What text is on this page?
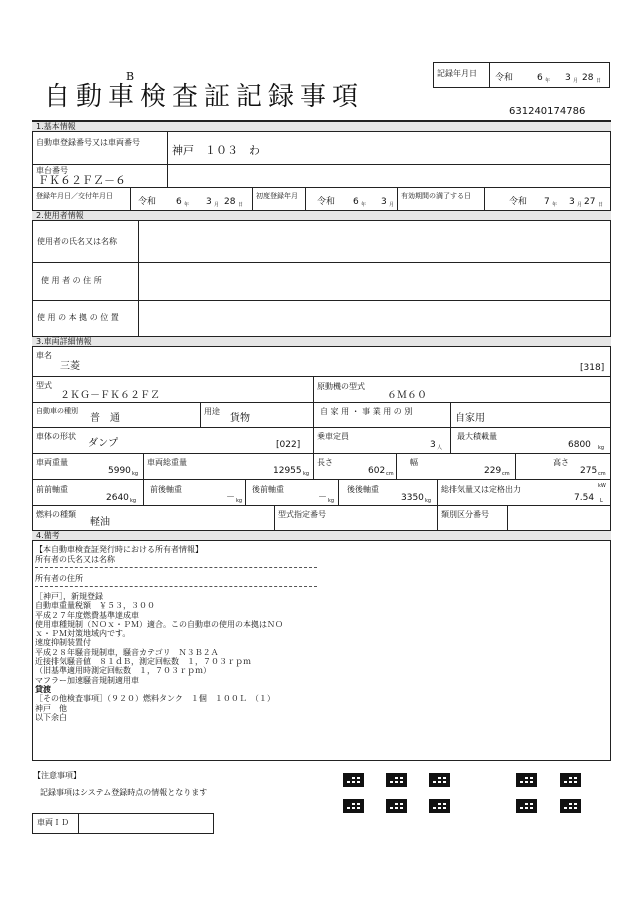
B
自動車検査証記録事項
記録年月日 令和	6 年 3 月 28 日
631240174786
1.基本情報
自動車登録番号又は車両番号
神戸　１０３　わ
車台番号
ＦＫ６２ＦＺ－６
登録年月日／交付年月日
令和 6 年 3 月 28 日
初度登録年月
令和 6 年 3 月
有効期間の満了する日
令和 7 年 3 月 27 日
2.使用者情報
使用者の氏名又は名称
使 用 者 の 住 所
使 用 の 本 拠 の 位 置
3.車両詳細情報
車名
三菱	[318]
型式
２ＫＧ－ＦＫ６２ＦＺ
原動機の型式
６Ｍ６０
自動車の種別
普　通
用途
貨物
自 家 用 ・ 事 業 用 の 別
自家用
車体の形状
ダンプ	[022]
乗車定員
3 人
最大積載量
6800 kg
車両重量
5990 kg
車両総重量
12955 kg
長さ
602 cm
幅
229 cm
高さ
275 cm
前前軸重
2640 kg
前後軸重
－ kg
後前軸重
－ kg
後後軸重
3350 kg
総排気量又は定格出力
7.54
kW
L
燃料の種類
軽油
型式指定番号	類別区分番号
4.備考
【本自動車検査証発行時における所有者情報】
所有者の氏名又は名称
所有者の住所
［神戸］，新規登録
自動車重量税額　￥５３，３００
平成２７年度燃費基準達成車
使用車種規制（ＮＯｘ・ＰＭ）適合。この自動車の使用の本拠はＮＯ
ｘ・ＰＭ対策地域内です。
速度抑制装置付
平成２８年騒音規制車，騒音カテゴリ　Ｎ３Ｂ２Ａ
近接排気騒音値　８１ｄＢ，測定回転数　１，７０３ｒｐｍ
（旧基準適用時測定回転数　１，７０３ｒｐｍ）
マフラー加速騒音規制適用車
貸渡
［その他検査事項］（９２０）燃料タンク　１個　１００Ｌ　（１）
神戸　他
以下余白
【注意事項】
記録事項はシステム登録時点の情報となります
車両ＩＤ
